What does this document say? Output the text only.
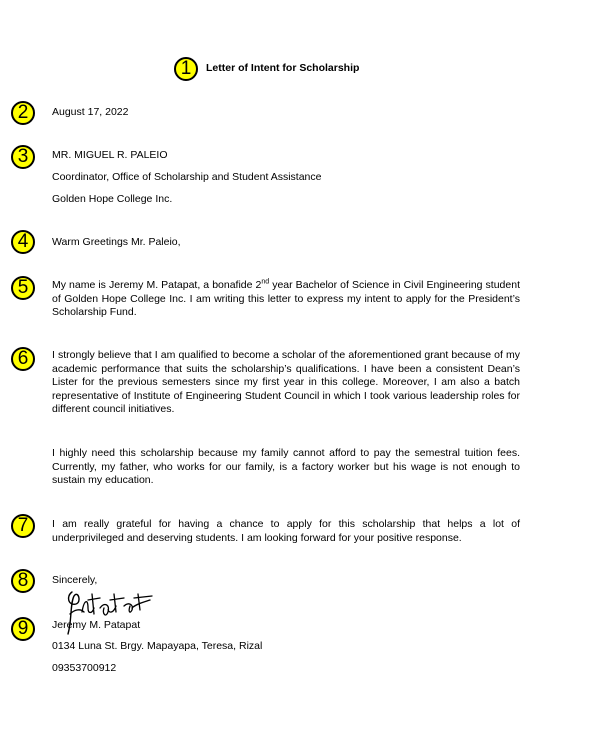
1
2
3
4
5
6
7
8
9
Letter of Intent for Scholarship
August 17, 2022
MR. MIGUEL R. PALEIO
Coordinator, Office of Scholarship and Student Assistance
Golden Hope College Inc.
Warm Greetings Mr. Paleio,
My name is Jeremy M. Patapat, a bonafide 2nd year Bachelor of Science in Civil Engineering student of Golden Hope College Inc. I am writing this letter to express my intent to apply for the President’s Scholarship Fund.
I strongly believe that I am qualified to become a scholar of the aforementioned grant because of my academic performance that suits the scholarship’s qualifications. I have been a consistent Dean’s Lister for the previous semesters since my first year in this college. Moreover, I am also a batch representative of Institute of Engineering Student Council in which I took various leadership roles for different council initiatives.
I highly need this scholarship because my family cannot afford to pay the semestral tuition fees. Currently, my father, who works for our family, is a factory worker but his wage is not enough to sustain my education.
I am really grateful for having a chance to apply for this scholarship that helps a lot of underprivileged and deserving students. I am looking forward for your positive response.
Sincerely,
Jeremy M. Patapat
0134 Luna St. Brgy. Mapayapa, Teresa, Rizal
09353700912
